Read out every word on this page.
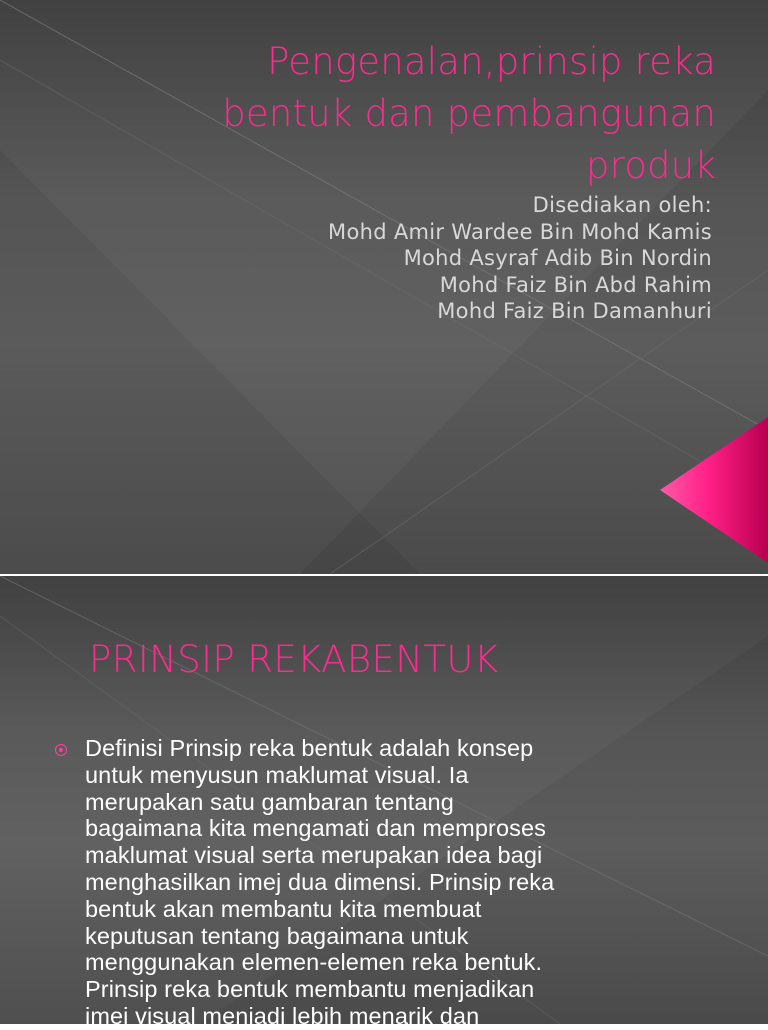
Pengenalan,prinsip reka
bentuk dan pembangunan
produk
Disediakan oleh:
Mohd Amir Wardee Bin Mohd Kamis
Mohd Asyraf Adib Bin Nordin
Mohd Faiz Bin Abd Rahim
Mohd Faiz Bin Damanhuri
PRINSIP REKABENTUK
Definisi Prinsip reka bentuk adalah konsep
untuk menyusun maklumat visual. Ia
merupakan satu gambaran tentang
bagaimana kita mengamati dan memproses
maklumat visual serta merupakan idea bagi
menghasilkan imej dua dimensi. Prinsip reka
bentuk akan membantu kita membuat
keputusan tentang bagaimana untuk
menggunakan elemen-elemen reka bentuk.
Prinsip reka bentuk membantu menjadikan
imej visual menjadi lebih menarik dan
